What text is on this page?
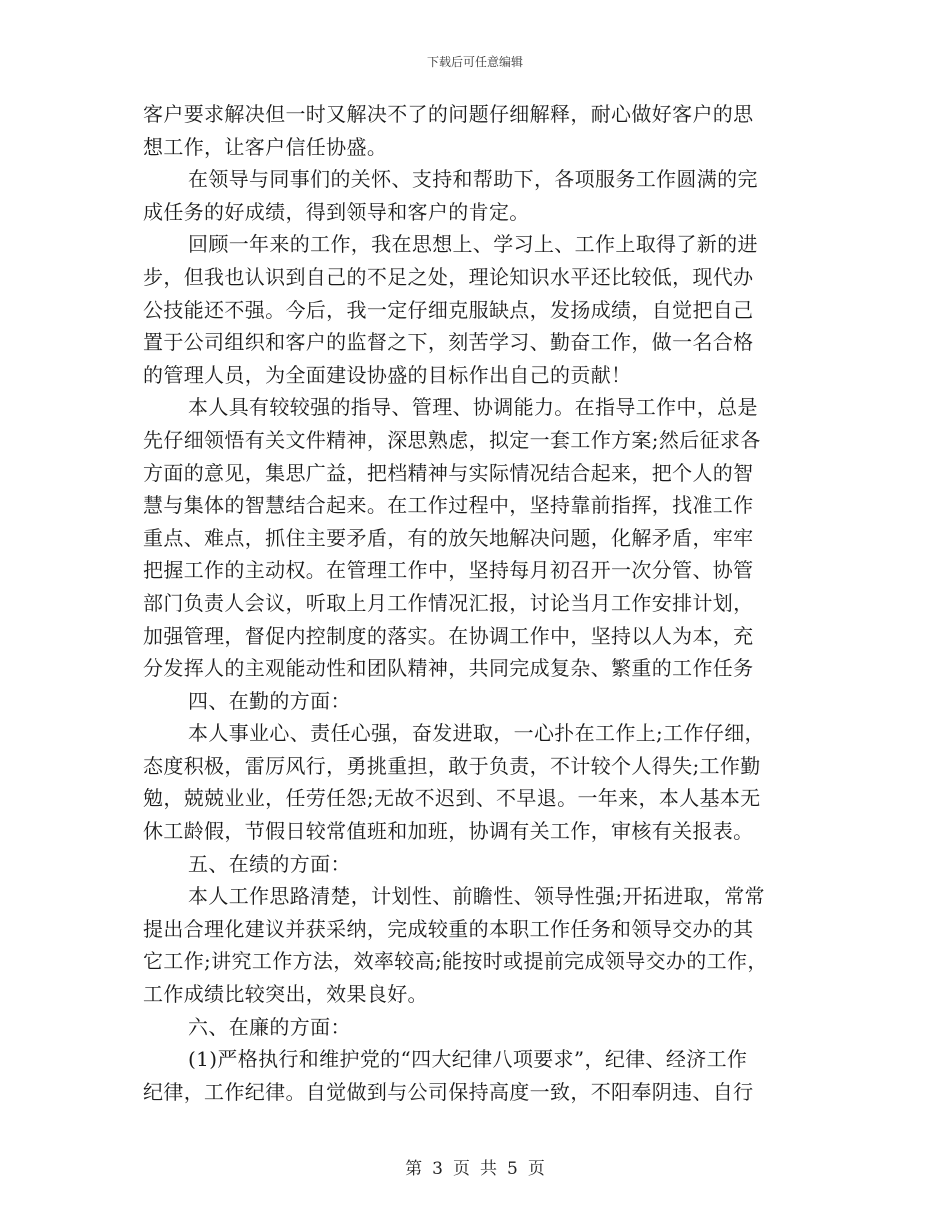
下载后可任意编辑
客户要求解决但一时又解决不了的问题仔细解释，耐心做好客户的思
想工作，让客户信任协盛。
在领导与同事们的关怀、支持和帮助下，各项服务工作圆满的完
成任务的好成绩，得到领导和客户的肯定。
回顾一年来的工作，我在思想上、学习上、工作上取得了新的进
步，但我也认识到自己的不足之处，理论知识水平还比较低，现代办
公技能还不强。今后，我一定仔细克服缺点，发扬成绩，自觉把自己
置于公司组织和客户的监督之下，刻苦学习、勤奋工作，做一名合格
的管理人员，为全面建设协盛的目标作出自己的贡献！
本人具有较较强的指导、管理、协调能力。在指导工作中，总是
先仔细领悟有关文件精神，深思熟虑，拟定一套工作方案;然后征求各
方面的意见，集思广益，把档精神与实际情况结合起来，把个人的智
慧与集体的智慧结合起来。在工作过程中，坚持靠前指挥，找准工作
重点、难点，抓住主要矛盾，有的放矢地解决问题，化解矛盾，牢牢
把握工作的主动权。在管理工作中，坚持每月初召开一次分管、协管
部门负责人会议，听取上月工作情况汇报，讨论当月工作安排计划，
加强管理，督促内控制度的落实。在协调工作中，坚持以人为本，充
分发挥人的主观能动性和团队精神，共同完成复杂、繁重的工作任务
四、在勤的方面：
本人事业心、责任心强，奋发进取，一心扑在工作上;工作仔细，
态度积极，雷厉风行，勇挑重担，敢于负责，不计较个人得失;工作勤
勉，兢兢业业，任劳任怨;无故不迟到、不早退。一年来，本人基本无
休工龄假，节假日较常值班和加班，协调有关工作，审核有关报表。
五、在绩的方面：
本人工作思路清楚，计划性、前瞻性、领导性强;开拓进取，常常
提出合理化建议并获采纳，完成较重的本职工作任务和领导交办的其
它工作;讲究工作方法，效率较高;能按时或提前完成领导交办的工作，
工作成绩比较突出，效果良好。
六、在廉的方面：
(1)严格执行和维护党的“四大纪律八项要求”，纪律、经济工作
纪律，工作纪律。自觉做到与公司保持高度一致，不阳奉阴违、自行
第 3 页 共 5 页
